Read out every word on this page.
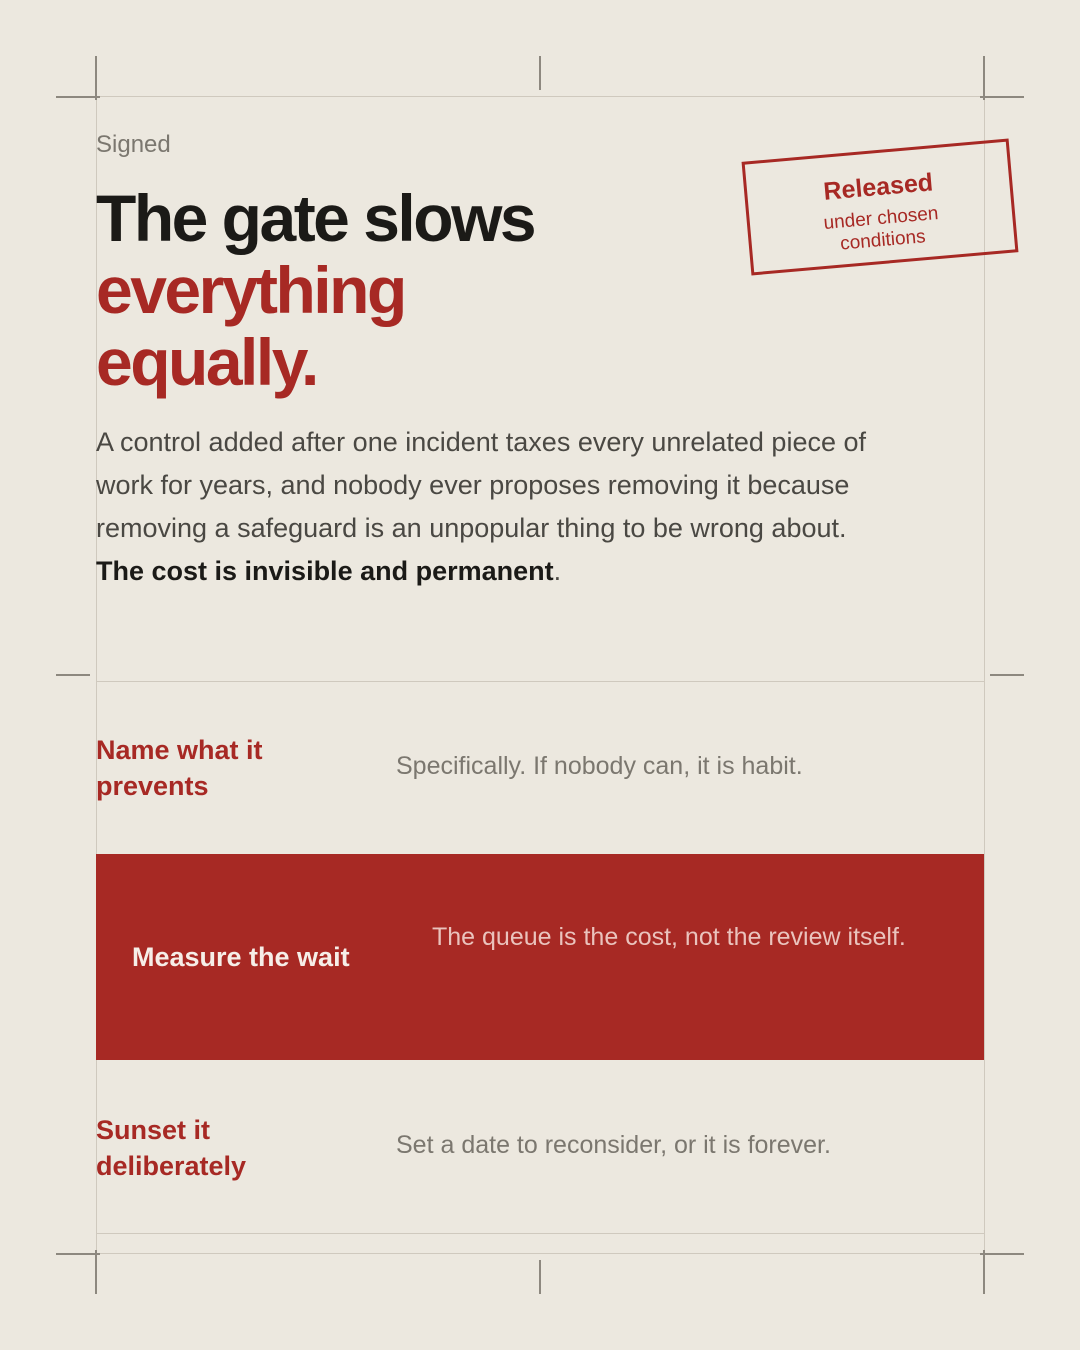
Signed
The gate slows
everything
equally.
Released
under chosen
conditions

A control added after one incident taxes every unrelated piece of work for years, and nobody ever proposes removing it because removing a safeguard is an unpopular thing to be wrong about. The cost is invisible and permanent.

Name what it prevents
Specifically. If nobody can, it is habit.
Measure the wait
The queue is the cost, not the review itself.
Sunset it deliberately
Set a date to reconsider, or it is forever.
